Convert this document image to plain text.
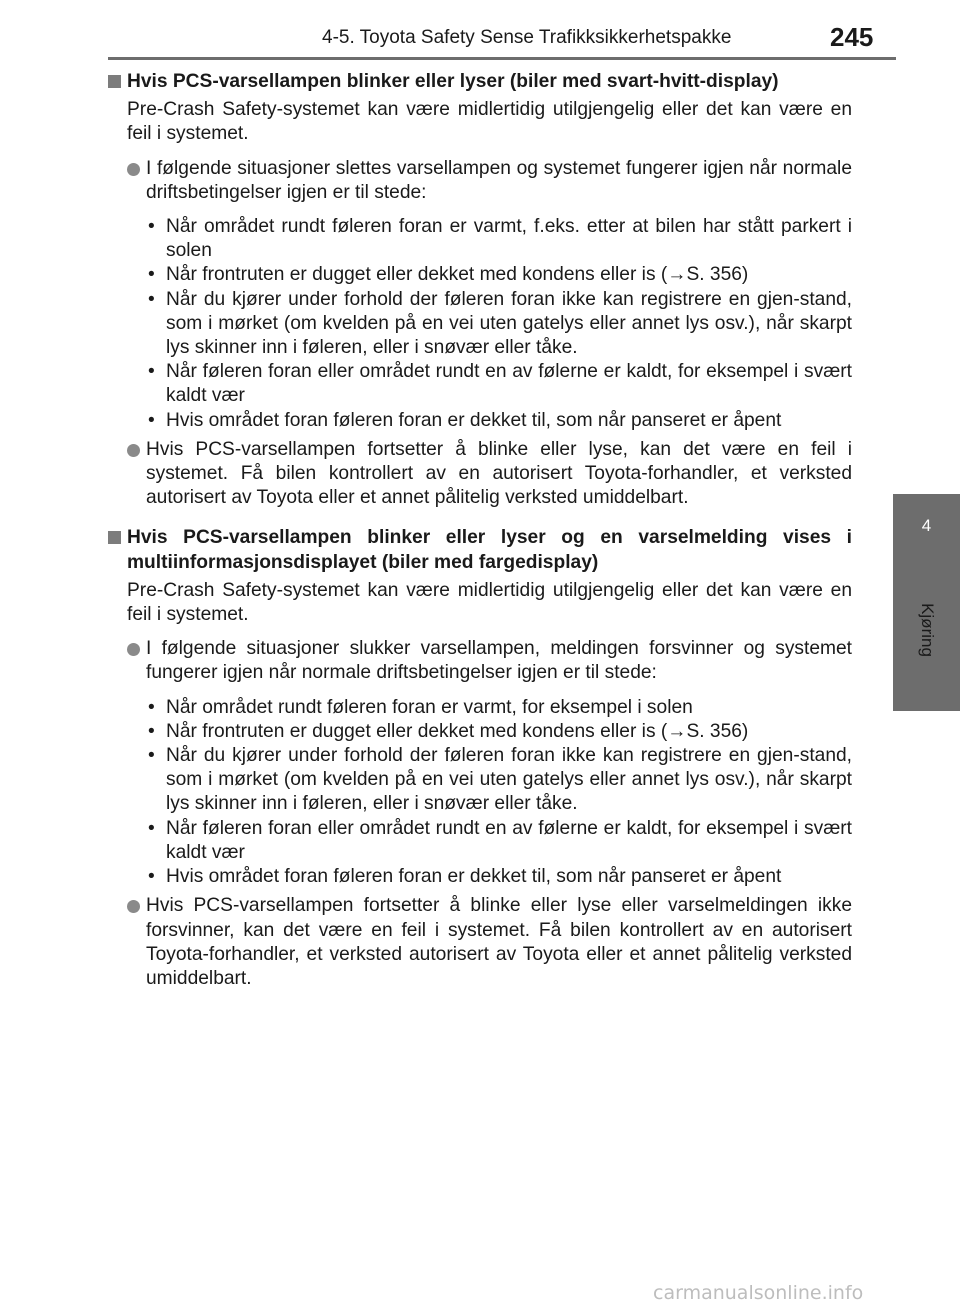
4-5. Toyota Safety Sense Trafikksikkerhetspakke	245
4
Kjøring
Hvis PCS-varsellampen blinker eller lyser (biler med svart-hvitt-display)
Pre-Crash Safety-systemet kan være midlertidig utilgjengelig eller det kan være en feil i systemet.
I følgende situasjoner slettes varsellampen og systemet fungerer igjen når normale driftsbetingelser igjen er til stede:
• Når området rundt føleren foran er varmt, f.eks. etter at bilen har stått parkert i solen
• Når frontruten er dugget eller dekket med kondens eller is (→S. 356)
• Når du kjører under forhold der føleren foran ikke kan registrere en gjen-stand, som i mørket (om kvelden på en vei uten gatelys eller annet lys osv.), når skarpt lys skinner inn i føleren, eller i snøvær eller tåke.
• Når føleren foran eller området rundt en av følerne er kaldt, for eksempel i svært kaldt vær
• Hvis området foran føleren foran er dekket til, som når panseret er åpent
Hvis PCS-varsellampen fortsetter å blinke eller lyse, kan det være en feil i systemet. Få bilen kontrollert av en autorisert Toyota-forhandler, et verksted autorisert av Toyota eller et annet pålitelig verksted umiddelbart.
Hvis PCS-varsellampen blinker eller lyser og en varselmelding vises i multiinformasjonsdisplayet (biler med fargedisplay)
Pre-Crash Safety-systemet kan være midlertidig utilgjengelig eller det kan være en feil i systemet.
I følgende situasjoner slukker varsellampen, meldingen forsvinner og systemet fungerer igjen når normale driftsbetingelser igjen er til stede:
• Når området rundt føleren foran er varmt, for eksempel i solen
• Når frontruten er dugget eller dekket med kondens eller is (→S. 356)
• Når du kjører under forhold der føleren foran ikke kan registrere en gjen-stand, som i mørket (om kvelden på en vei uten gatelys eller annet lys osv.), når skarpt lys skinner inn i føleren, eller i snøvær eller tåke.
• Når føleren foran eller området rundt en av følerne er kaldt, for eksempel i svært kaldt vær
• Hvis området foran føleren foran er dekket til, som når panseret er åpent
Hvis PCS-varsellampen fortsetter å blinke eller lyse eller varselmeldingen ikke forsvinner, kan det være en feil i systemet. Få bilen kontrollert av en autorisert Toyota-forhandler, et verksted autorisert av Toyota eller et annet pålitelig verksted umiddelbart.
carmanualsonline.info
